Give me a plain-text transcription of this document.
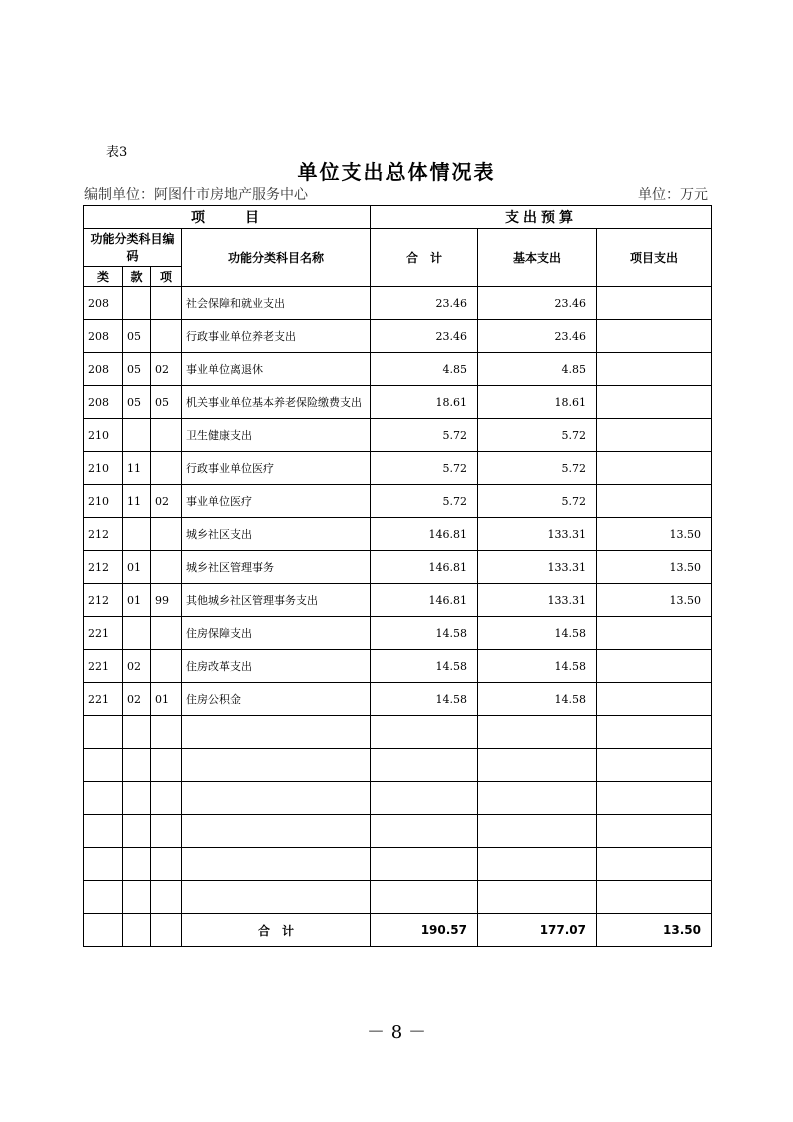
表3
单位支出总体情况表
编制单位：阿图什市房地产服务中心	单位：万元
项　　目				支出预算		
功能分类科目编码			功能分类科目名称	合　计	基本支出	项目支出
类	款	项				
208			社会保障和就业支出	23.46	23.46	
208	05		行政事业单位养老支出	23.46	23.46	
208	05	02	事业单位离退休	4.85	4.85	
208	05	05	机关事业单位基本养老保险缴费支出	18.61	18.61	
210			卫生健康支出	5.72	5.72	
210	11		行政事业单位医疗	5.72	5.72	
210	11	02	事业单位医疗	5.72	5.72	
212			城乡社区支出	146.81	133.31	13.50
212	01		城乡社区管理事务	146.81	133.31	13.50
212	01	99	其他城乡社区管理事务支出	146.81	133.31	13.50
221			住房保障支出	14.58	14.58	
221	02		住房改革支出	14.58	14.58	
221	02	01	住房公积金	14.58	14.58	

			合　计	190.57	177.07	13.50
－ 8 －
